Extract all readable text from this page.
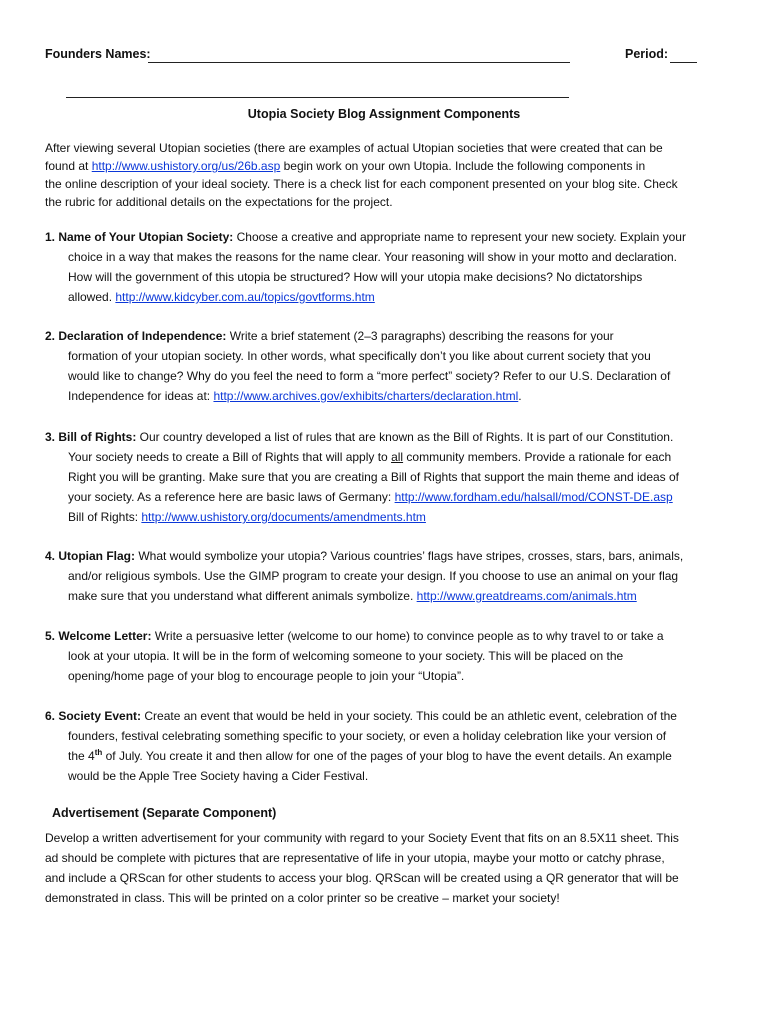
Founders Names:	Period:
Utopia Society Blog Assignment Components

After viewing several Utopian societies (there are examples of actual Utopian societies that were created that can be

found at http://www.ushistory.org/us/26b.asp begin work on your own Utopia. Include the following components in

the online description of your ideal society. There is a check list for each component presented on your blog site. Check

the rubric for additional details on the expectations for the project.

1. Name of Your Utopian Society: Choose a creative and appropriate name to represent your new society. Explain your

choice in a way that makes the reasons for the name clear. Your reasoning will show in your motto and declaration.

How will the government of this utopia be structured? How will your utopia make decisions? No dictatorships

allowed. http://www.kidcyber.com.au/topics/govtforms.htm

2. Declaration of Independence: Write a brief statement (2–3 paragraphs) describing the reasons for your

formation of your utopian society. In other words, what specifically don’t you like about current society that you

would like to change? Why do you feel the need to form a “more perfect” society? Refer to our U.S. Declaration of

Independence for ideas at: http://www.archives.gov/exhibits/charters/declaration.html.

3. Bill of Rights: Our country developed a list of rules that are known as the Bill of Rights. It is part of our Constitution.

Your society needs to create a Bill of Rights that will apply to all community members. Provide a rationale for each

Right you will be granting. Make sure that you are creating a Bill of Rights that support the main theme and ideas of

your society. As a reference here are basic laws of Germany: http://www.fordham.edu/halsall/mod/CONST-DE.asp

Bill of Rights: http://www.ushistory.org/documents/amendments.htm

4. Utopian Flag: What would symbolize your utopia? Various countries’ flags have stripes, crosses, stars, bars, animals,

and/or religious symbols. Use the GIMP program to create your design. If you choose to use an animal on your flag

make sure that you understand what different animals symbolize. http://www.greatdreams.com/animals.htm

5. Welcome Letter: Write a persuasive letter (welcome to our home) to convince people as to why travel to or take a

look at your utopia. It will be in the form of welcoming someone to your society. This will be placed on the

opening/home page of your blog to encourage people to join your “Utopia”.

6. Society Event: Create an event that would be held in your society. This could be an athletic event, celebration of the

founders, festival celebrating something specific to your society, or even a holiday celebration like your version of

the 4th of July. You create it and then allow for one of the pages of your blog to have the event details. An example

would be the Apple Tree Society having a Cider Festival.

Advertisement (Separate Component)

Develop a written advertisement for your community with regard to your Society Event that fits on an 8.5X11 sheet. This

ad should be complete with pictures that are representative of life in your utopia, maybe your motto or catchy phrase,

and include a QRScan for other students to access your blog. QRScan will be created using a QR generator that will be

demonstrated in class. This will be printed on a color printer so be creative – market your society!
